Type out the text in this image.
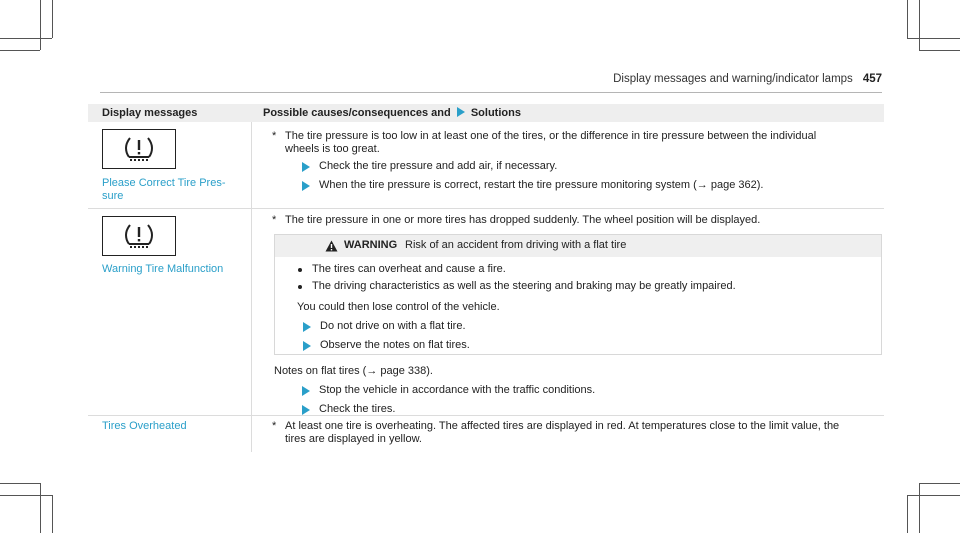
Display messages and warning/indicator lamps 457
Display messages	Possible causes/consequences and Solutions
Please Correct Tire Pres-
sure
* The tire pressure is too low in at least one of the tires, or the difference in tire pressure between the individual
wheels is too great.
Check the tire pressure and add air, if necessary.
When the tire pressure is correct, restart the tire pressure monitoring system (→ page 362).
Warning Tire Malfunction
* The tire pressure in one or more tires has dropped suddenly. The wheel position will be displayed.
WARNING Risk of an accident from driving with a flat tire
The tires can overheat and cause a fire.
The driving characteristics as well as the steering and braking may be greatly impaired.
You could then lose control of the vehicle.
Do not drive on with a flat tire.
Observe the notes on flat tires.
Notes on flat tires (→ page 338).
Stop the vehicle in accordance with the traffic conditions.
Check the tires.
Tires Overheated	* At least one tire is overheating. The affected tires are displayed in red. At temperatures close to the limit value, the
tires are displayed in yellow.
